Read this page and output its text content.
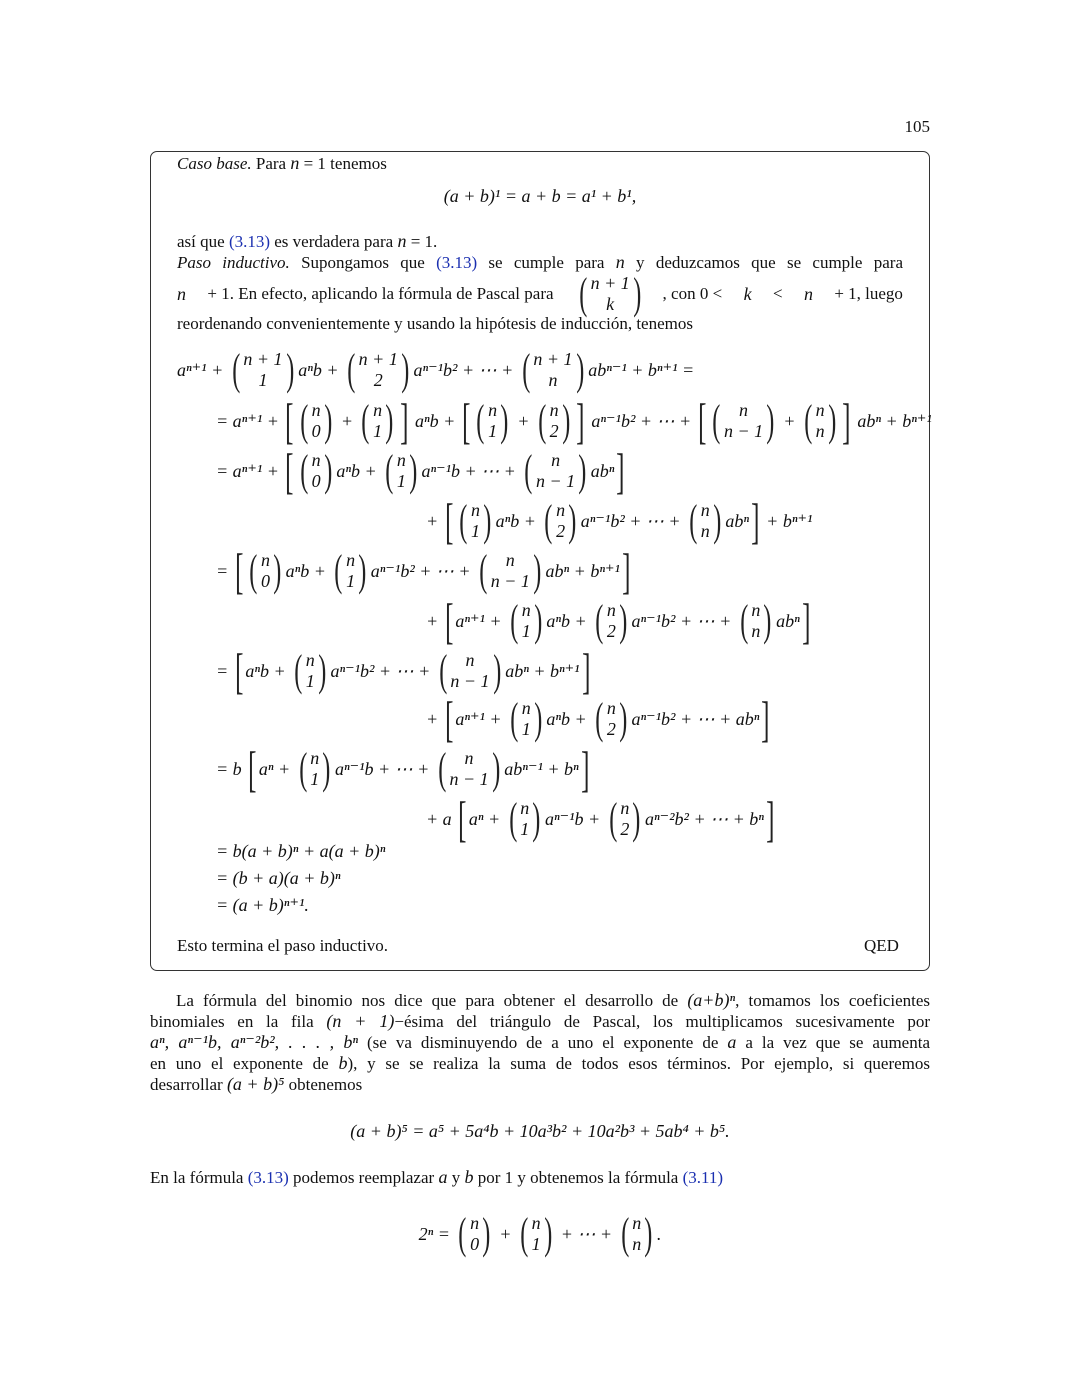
105
Caso base. Para n = 1 tenemos
(a + b)¹ = a + b = a¹ + b¹,
así que (3.13) es verdadera para n = 1.
Paso inductivo. Supongamos que (3.13) se cumple para n y deduzcamos que se cumple para
n + 1. En efecto, aplicando la fórmula de Pascal para ( n + 1
k ) , con 0 < k < n + 1, luego
reordenando convenientemente y usando la hipótesis de inducción, tenemos
aⁿ⁺¹ + ( n + 1
1 ) aⁿb + ( n + 1
2 ) aⁿ⁻¹b² + ⋯ + ( n + 1
n ) abⁿ⁻¹ + bⁿ⁺¹ =
= aⁿ⁺¹ + [ ( n
0 ) + ( n
1 ) ] aⁿb + [ ( n
1 ) + ( n
2 ) ] aⁿ⁻¹b² + ⋯ + [ ( n
n − 1 ) + ( n
n ) ] abⁿ + bⁿ⁺¹
= aⁿ⁺¹ + [ ( n
0 ) aⁿb + ( n
1 ) aⁿ⁻¹b + ⋯ + ( n
n − 1 ) abⁿ ]
+ [ ( n
1 ) aⁿb + ( n
2 ) aⁿ⁻¹b² + ⋯ + ( n
n ) abⁿ ] + bⁿ⁺¹
= [ ( n
0 ) aⁿb + ( n
1 ) aⁿ⁻¹b² + ⋯ + ( n
n − 1 ) abⁿ + bⁿ⁺¹ ]
+ [ aⁿ⁺¹ + ( n
1 ) aⁿb + ( n
2 ) aⁿ⁻¹b² + ⋯ + ( n
n ) abⁿ ]
= [ aⁿb + ( n
1 ) aⁿ⁻¹b² + ⋯ + ( n
n − 1 ) abⁿ + bⁿ⁺¹ ]
+ [ aⁿ⁺¹ + ( n
1 ) aⁿb + ( n
2 ) aⁿ⁻¹b² + ⋯ + abⁿ ]
= b [ aⁿ + ( n
1 ) aⁿ⁻¹b + ⋯ + ( n
n − 1 ) abⁿ⁻¹ + bⁿ ]
+ a [ aⁿ + ( n
1 ) aⁿ⁻¹b + ( n
2 ) aⁿ⁻²b² + ⋯ + bⁿ ]
= b(a + b)ⁿ + a(a + b)ⁿ
= (b + a)(a + b)ⁿ
= (a + b)ⁿ⁺¹.
Esto termina el paso inductivo.	QED
La fórmula del binomio nos dice que para obtener el desarrollo de (a+b)ⁿ, tomamos los coeficientes
binomiales en la fila (n + 1)−ésima del triángulo de Pascal, los multiplicamos sucesivamente por
aⁿ, aⁿ⁻¹b, aⁿ⁻²b², . . . , bⁿ (se va disminuyendo de a uno el exponente de a a la vez que se aumenta
en uno el exponente de b), y se se realiza la suma de todos esos términos. Por ejemplo, si queremos
desarrollar (a + b)⁵ obtenemos
(a + b)⁵ = a⁵ + 5a⁴b + 10a³b² + 10a²b³ + 5ab⁴ + b⁵.
En la fórmula (3.13) podemos reemplazar a y b por 1 y obtenemos la fórmula (3.11)
2ⁿ = ( n
0 ) + ( n
1 ) + ⋯ + ( n
n ) .
